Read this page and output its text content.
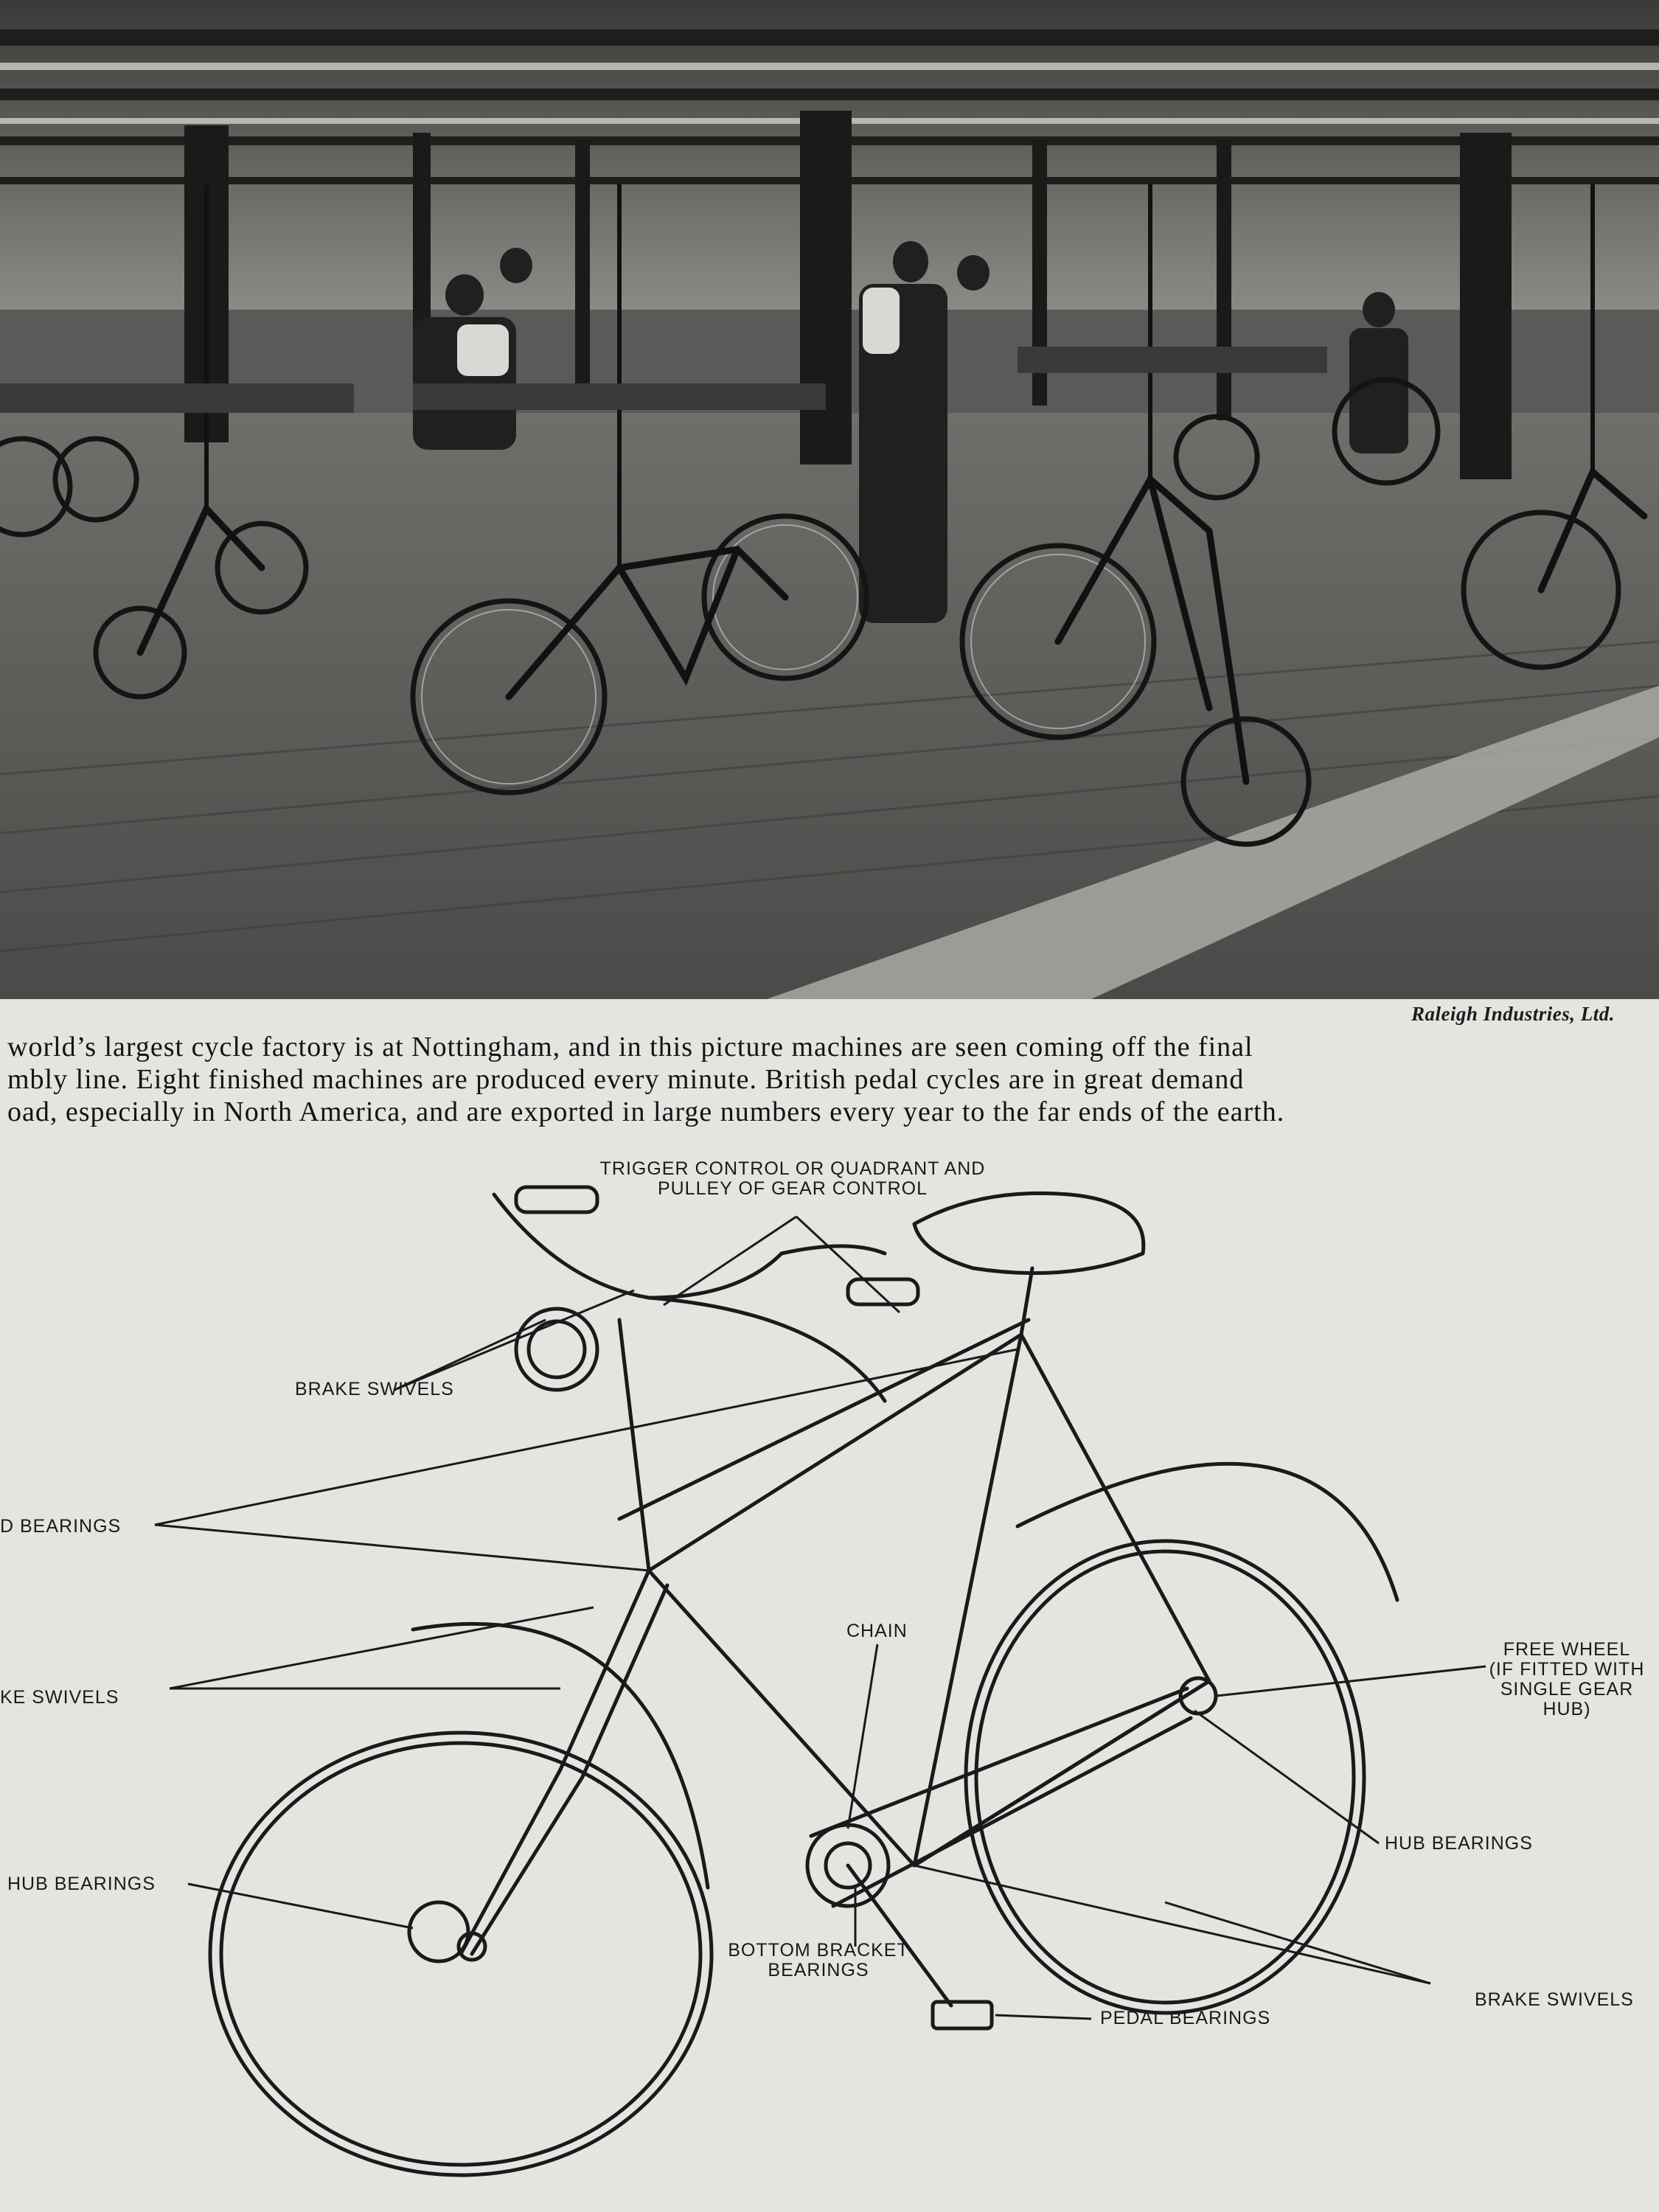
Raleigh Industries, Ltd.

world’s largest cycle factory is at Nottingham, and in this picture machines are seen coming off the final

mbly line. Eight finished machines are produced every minute. British pedal cycles are in great demand

oad, especially in North America, and are exported in large numbers every year to the far ends of the earth.

TRIGGER CONTROL OR QUADRANT AND
PULLEY OF GEAR CONTROL
BRAKE SWIVELS
D BEARINGS
KE SWIVELS
CHAIN
FREE WHEEL
(IF FITTED WITH
SINGLE GEAR
HUB)
HUB BEARINGS
HUB BEARINGS
BOTTOM BRACKET
BEARINGS
BRAKE SWIVELS
PEDAL BEARINGS
